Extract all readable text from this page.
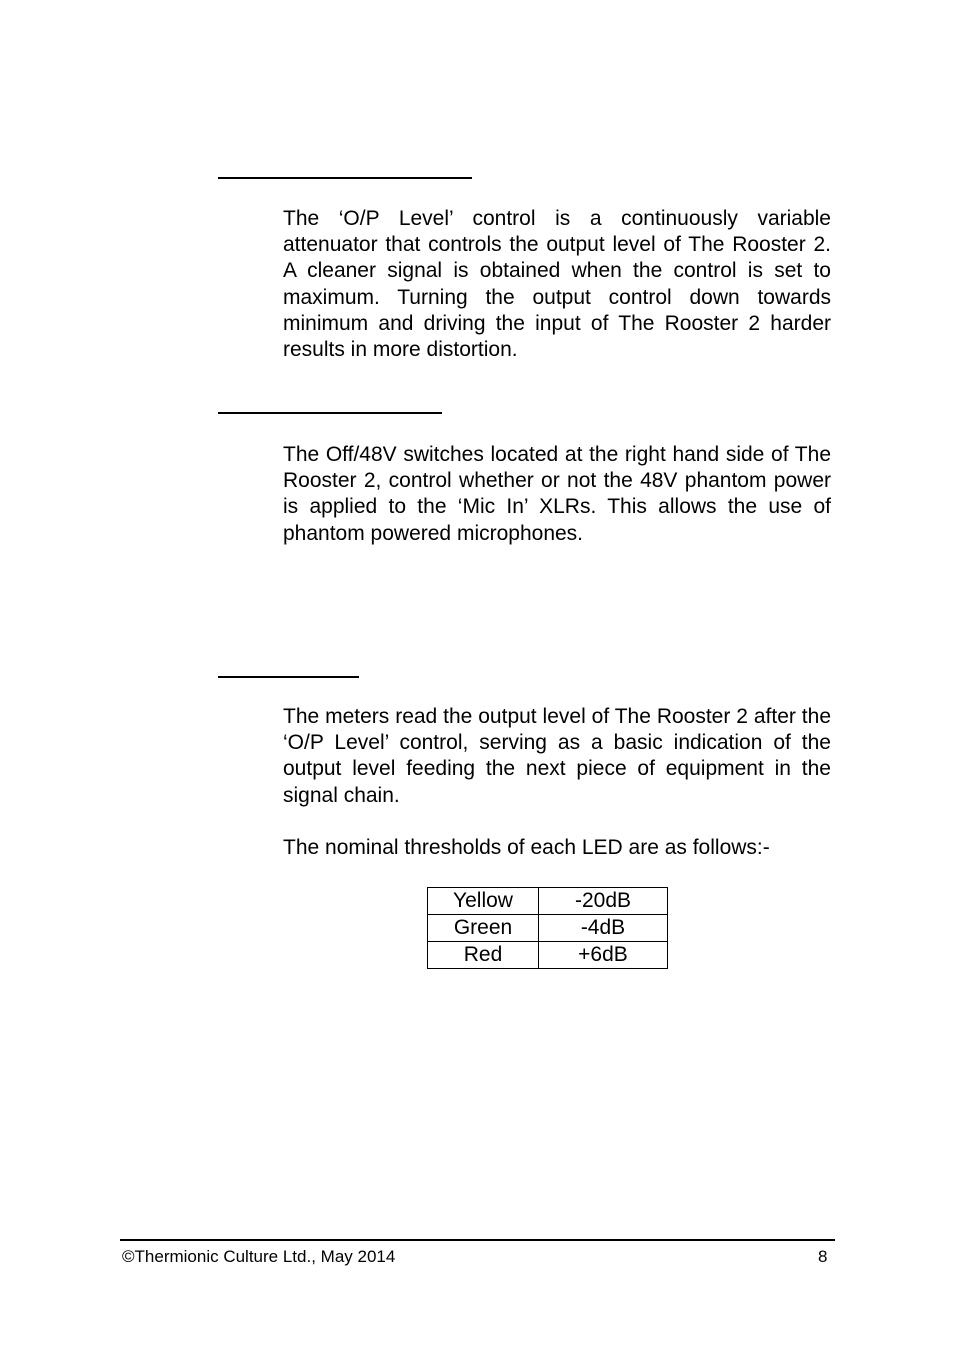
The ‘O/P Level’ control is a continuously variable attenuator that controls the output level of The Rooster 2. A cleaner signal is obtained when the control is set to maximum. Turning the output control down towards minimum and driving the input of The Rooster 2 harder results in more distortion.

The Off/48V switches located at the right hand side of The Rooster 2, control whether or not the 48V phantom power is applied to the ‘Mic In’ XLRs. This allows the use of phantom powered microphones.

The meters read the output level of The Rooster 2 after the ‘O/P Level’ control, serving as a basic indication of the output level feeding the next piece of equipment in the signal chain.

The nominal thresholds of each LED are as follows:-

Yellow	-20dB
Green	-4dB
Red	+6dB
©Thermionic Culture Ltd., May 2014	8
